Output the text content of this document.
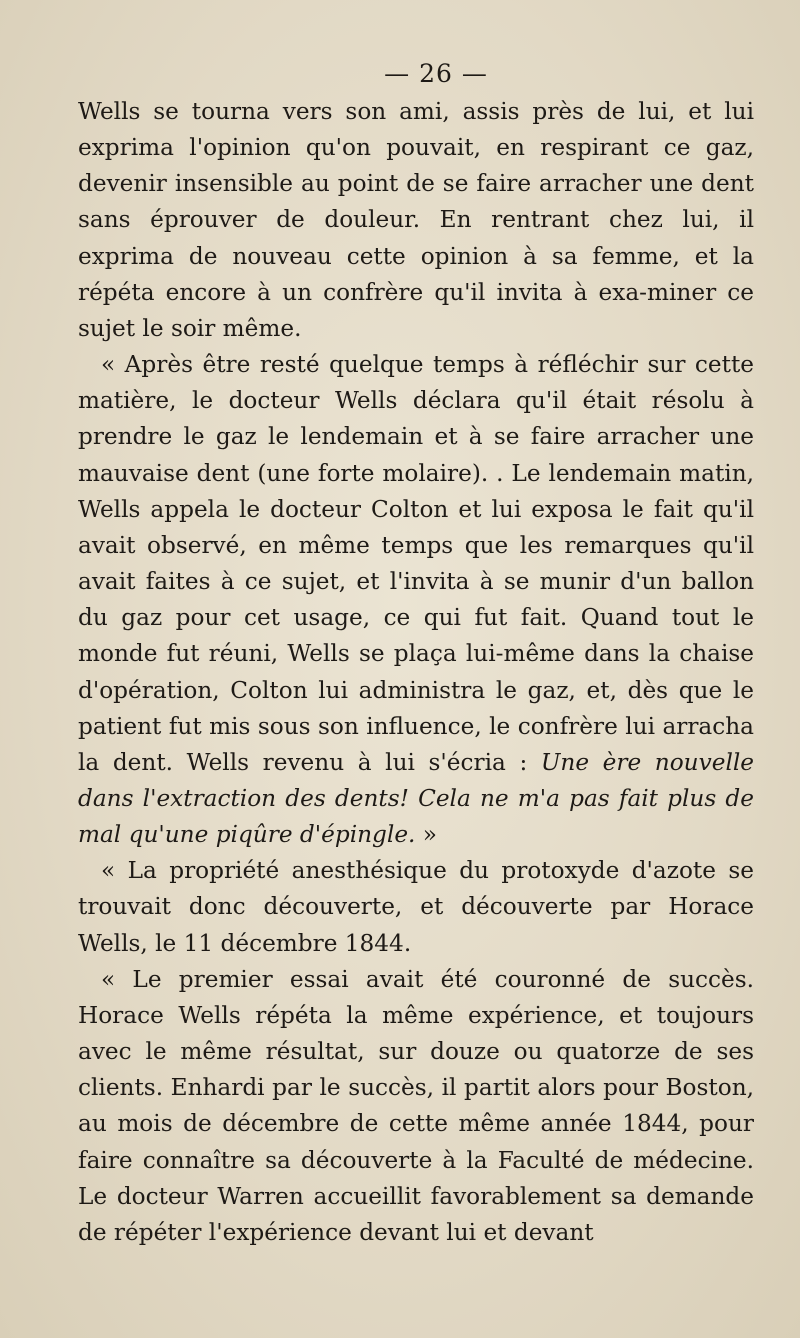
— 26 —

Wells se tourna vers son ami, assis près de lui, et lui exprima l'opinion qu'on pouvait, en respirant ce gaz, devenir insensible au point de se faire arracher une dent sans éprouver de douleur. En rentrant chez lui, il exprima de nouveau cette opinion à sa femme, et la répéta encore à un confrère qu'il invita à exa-miner ce sujet le soir même.

« Après être resté quelque temps à réfléchir sur cette matière, le docteur Wells déclara qu'il était résolu à prendre le gaz le lendemain et à se faire arracher une mauvaise dent (une forte molaire). . Le lendemain matin, Wells appela le docteur Colton et lui exposa le fait qu'il avait observé, en même temps que les remarques qu'il avait faites à ce sujet, et l'invita à se munir d'un ballon du gaz pour cet usage, ce qui fut fait. Quand tout le monde fut réuni, Wells se plaça lui-même dans la chaise d'opération, Colton lui administra le gaz, et, dès que le patient fut mis sous son influence, le confrère lui arracha la dent. Wells revenu à lui s'écria : Une ère nouvelle dans l'extraction des dents! Cela ne m'a pas fait plus de mal qu'une piqûre d'épingle. »

« La propriété anesthésique du protoxyde d'azote se trouvait donc découverte, et découverte par Horace Wells, le 11 décembre 1844.

« Le premier essai avait été couronné de succès. Horace Wells répéta la même expérience, et toujours avec le même résultat, sur douze ou quatorze de ses clients. Enhardi par le succès, il partit alors pour Boston, au mois de décembre de cette même année 1844, pour faire connaître sa découverte à la Faculté de médecine. Le docteur Warren accueillit favorablement sa demande de répéter l'expérience devant lui et devant
